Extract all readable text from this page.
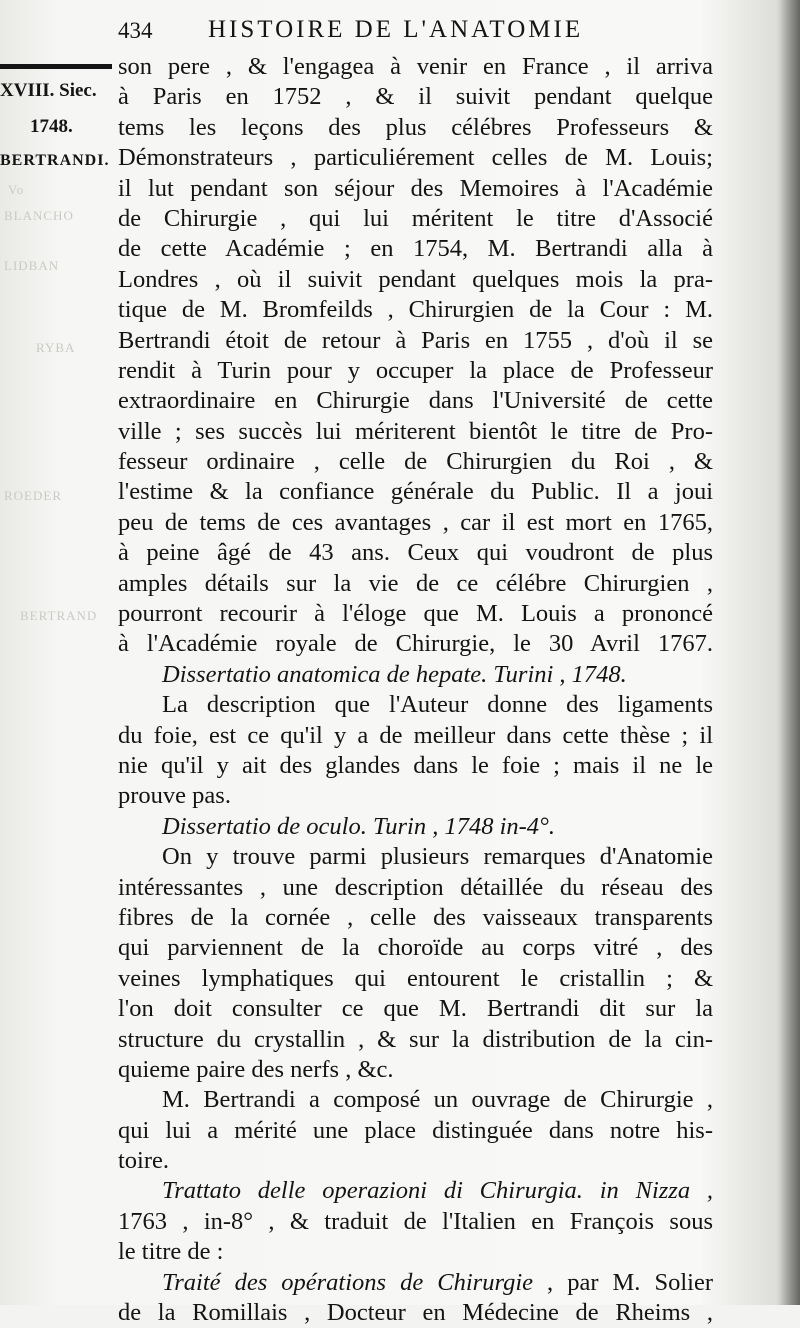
434 HISTOIRE DE L'ANATOMIE
XVIII. Siec.
1748.
BERTRANDI.
Vo
BLANCHO
LIDBAN
RYBA
ROEDER
BERTRAND
son pere , & l'engagea à venir en France , il arriva
à Paris en 1752 , & il suivit pendant quelque
tems les leçons des plus célébres Professeurs &
Démonstrateurs , particuliérement celles de M. Louis;
il lut pendant son séjour des Memoires à l'Académie
de Chirurgie , qui lui méritent le titre d'Associé
de cette Académie ; en 1754, M. Bertrandi alla à
Londres , où il suivit pendant quelques mois la pra-
tique de M. Bromfeilds , Chirurgien de la Cour : M.
Bertrandi étoit de retour à Paris en 1755 , d'où il se
rendit à Turin pour y occuper la place de Professeur
extraordinaire en Chirurgie dans l'Université de cette
ville ; ses succès lui mériterent bientôt le titre de Pro-
fesseur ordinaire , celle de Chirurgien du Roi , &
l'estime & la confiance générale du Public. Il a joui
peu de tems de ces avantages , car il est mort en 1765,
à peine âgé de 43 ans. Ceux qui voudront de plus
amples détails sur la vie de ce célébre Chirurgien ,
pourront recourir à l'éloge que M. Louis a prononcé
à l'Académie royale de Chirurgie, le 30 Avril 1767.
Dissertatio anatomica de hepate. Turini , 1748.
La description que l'Auteur donne des ligaments
du foie, est ce qu'il y a de meilleur dans cette thèse ; il
nie qu'il y ait des glandes dans le foie ; mais il ne le
prouve pas.
Dissertatio de oculo. Turin , 1748 in-4°.
On y trouve parmi plusieurs remarques d'Anatomie
intéressantes , une description détaillée du réseau des
fibres de la cornée , celle des vaisseaux transparents
qui parviennent de la choroïde au corps vitré , des
veines lymphatiques qui entourent le cristallin ; &
l'on doit consulter ce que M. Bertrandi dit sur la
structure du crystallin , & sur la distribution de la cin-
quieme paire des nerfs , &c.
M. Bertrandi a composé un ouvrage de Chirurgie ,
qui lui a mérité une place distinguée dans notre his-
toire.
Trattato delle operazioni di Chirurgia. in Nizza ,
1763 , in-8° , & traduit de l'Italien en François sous
le titre de :
Traité des opérations de Chirurgie , par M. Solier
de la Romillais , Docteur en Médecine de Rheims ,
